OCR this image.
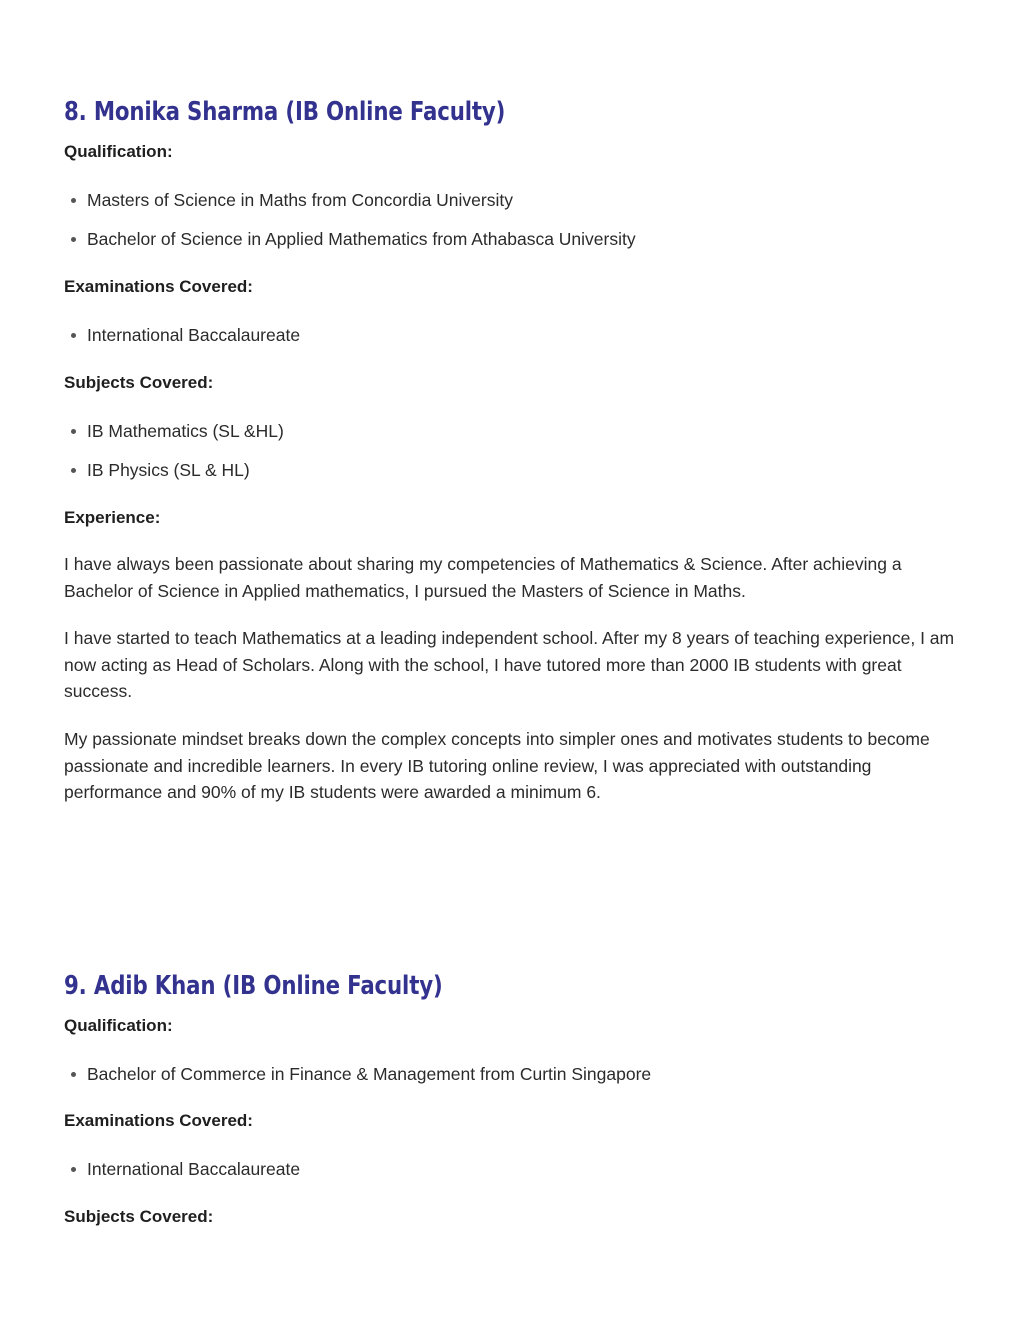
8. Monika Sharma (IB Online Faculty)
Qualification:
Masters of Science in Maths from Concordia University
Bachelor of Science in Applied Mathematics from Athabasca University
Examinations Covered:
International Baccalaureate
Subjects Covered:
IB Mathematics (SL &HL)
IB Physics (SL & HL)
Experience:

I have always been passionate about sharing my competencies of Mathematics & Science. After achieving a Bachelor of Science in Applied mathematics, I pursued the Masters of Science in Maths.

I have started to teach Mathematics at a leading independent school. After my 8 years of teaching experience, I am now acting as Head of Scholars. Along with the school, I have tutored more than 2000 IB students with great success.

My passionate mindset breaks down the complex concepts into simpler ones and motivates students to become passionate and incredible learners. In every IB tutoring online review, I was appreciated with outstanding performance and 90% of my IB students were awarded a minimum 6.

9. Adib Khan (IB Online Faculty)
Qualification:
Bachelor of Commerce in Finance & Management from Curtin Singapore
Examinations Covered:
International Baccalaureate
Subjects Covered:
